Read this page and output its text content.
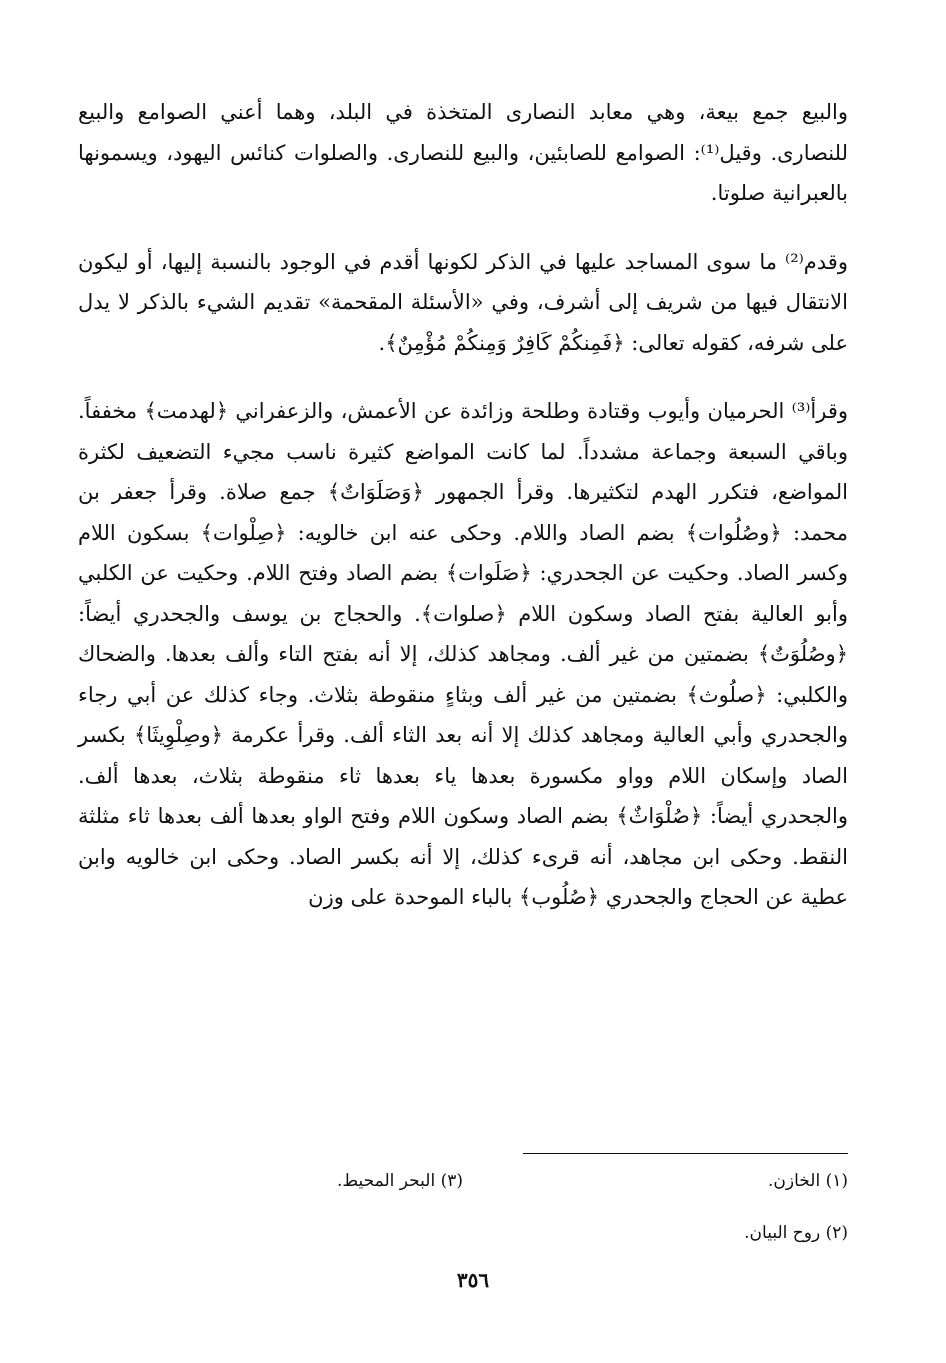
والبيع جمع بيعة، وهي معابد النصارى المتخذة في البلد، وهما أعني الصوامع والبيع للنصارى. وقيل⁽¹⁾: الصوامع للصابئين، والبيع للنصارى. والصلوات كنائس اليهود، ويسمونها بالعبرانية صلوتا.

وقدم⁽²⁾ ما سوى المساجد عليها في الذكر لكونها أقدم في الوجود بالنسبة إليها، أو ليكون الانتقال فيها من شريف إلى أشرف، وفي «الأسئلة المقحمة» تقديم الشيء بالذكر لا يدل على شرفه، كقوله تعالى: ﴿فَمِنكُمْ كَافِرٌ وَمِنكُمْ مُؤْمِنٌ﴾.

وقرأ⁽³⁾ الحرميان وأيوب وقتادة وطلحة وزائدة عن الأعمش، والزعفراني ﴿لهدمت﴾ مخففاً. وباقي السبعة وجماعة مشدداً. لما كانت المواضع كثيرة ناسب مجيء التضعيف لكثرة المواضع، فتكرر الهدم لتكثيرها. وقرأ الجمهور ﴿وَصَلَوَاتٌ﴾ جمع صلاة. وقرأ جعفر بن محمد: ﴿وصُلُوات﴾ بضم الصاد واللام. وحكى عنه ابن خالويه: ﴿صِلْوات﴾ بسكون اللام وكسر الصاد. وحكيت عن الجحدري: ﴿صَلَوات﴾ بضم الصاد وفتح اللام. وحكيت عن الكلبي وأبو العالية بفتح الصاد وسكون اللام ﴿صلوات﴾. والحجاج بن يوسف والجحدري أيضاً: ﴿وصُلُوَتٌ﴾ بضمتين من غير ألف. ومجاهد كذلك، إلا أنه بفتح التاء وألف بعدها. والضحاك والكلبي: ﴿صلُوث﴾ بضمتين من غير ألف وبثاءٍ منقوطة بثلاث. وجاء كذلك عن أبي رجاء والجحدري وأبي العالية ومجاهد كذلك إلا أنه بعد الثاء ألف. وقرأ عكرمة ﴿وصِلْوِيثَا﴾ بكسر الصاد وإسكان اللام وواو مكسورة بعدها ياء بعدها ثاء منقوطة بثلاث، بعدها ألف. والجحدري أيضاً: ﴿صُلْوَاثٌ﴾ بضم الصاد وسكون اللام وفتح الواو بعدها ألف بعدها ثاء مثلثة النقط. وحكى ابن مجاهد، أنه قرىء كذلك، إلا أنه بكسر الصاد. وحكى ابن خالويه وابن عطية عن الحجاج والجحدري ﴿صُلُوب﴾ بالباء الموحدة على وزن

(١) الخازن.
(٣) البحر المحيط.
(٢) روح البيان.
٣٥٦
